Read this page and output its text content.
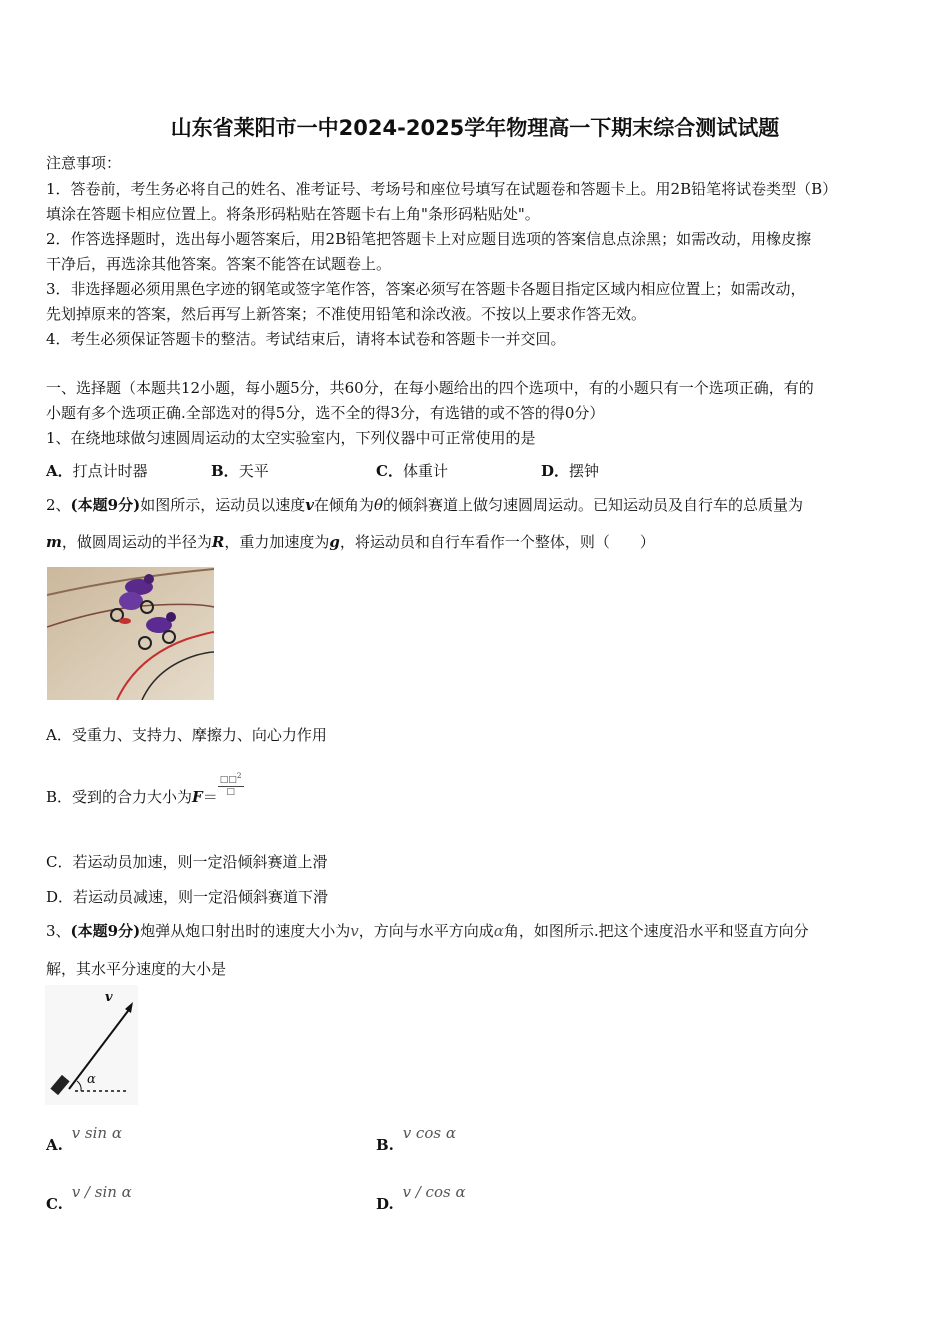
山东省莱阳市一中2024-2025学年物理高一下期末综合测试试题
注意事项：
1．答卷前，考生务必将自己的姓名、准考证号、考场号和座位号填写在试题卷和答题卡上。用2B铅笔将试卷类型（B）
填涂在答题卡相应位置上。将条形码粘贴在答题卡右上角"条形码粘贴处"。
2．作答选择题时，选出每小题答案后，用2B铅笔把答题卡上对应题目选项的答案信息点涂黑；如需改动，用橡皮擦
干净后，再选涂其他答案。答案不能答在试题卷上。
3．非选择题必须用黑色字迹的钢笔或签字笔作答，答案必须写在答题卡各题目指定区域内相应位置上；如需改动，
先划掉原来的答案，然后再写上新答案；不准使用铅笔和涂改液。不按以上要求作答无效。
4．考生必须保证答题卡的整洁。考试结束后，请将本试卷和答题卡一并交回。
一、选择题（本题共12小题，每小题5分，共60分，在每小题给出的四个选项中，有的小题只有一个选项正确，有的
小题有多个选项正确.全部选对的得5分，选不全的得3分，有选错的或不答的得0分）
1、在绕地球做匀速圆周运动的太空实验室内，下列仪器中可正常使用的是
A．打点计时器	B．天平	C．体重计	D．摆钟
2、(本题9分)如图所示，运动员以速度v在倾角为θ的倾斜赛道上做匀速圆周运动。已知运动员及自行车的总质量为
m，做圆周运动的半径为R，重力加速度为g，将运动员和自行车看作一个整体，则（　　）
A．受重力、支持力、摩擦力、向心力作用
B．受到的合力大小为$F= \frac{□□^2}{□}$
C．若运动员加速，则一定沿倾斜赛道上滑
D．若运动员减速，则一定沿倾斜赛道下滑
3、(本题9分)炮弹从炮口射出时的速度大小为v，方向与水平方向成α角，如图所示.把这个速度沿水平和竖直方向分
解，其水平分速度的大小是
v
α
A. v sin α
B. v cos α
C. v / sin α
D. v / cos α
